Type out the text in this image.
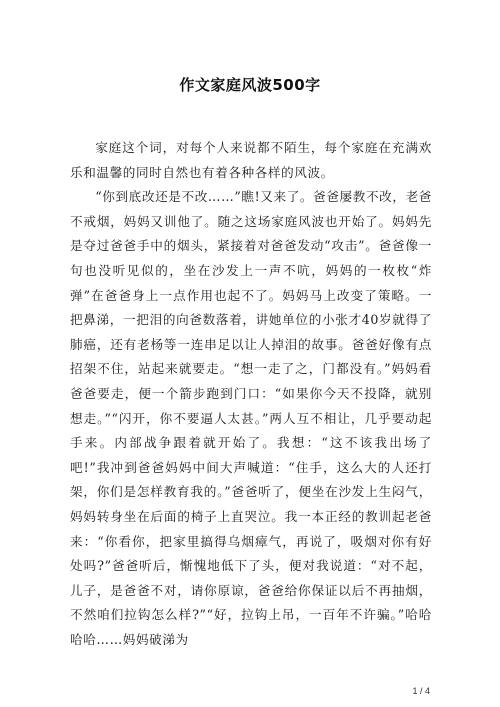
作文家庭风波500字

家庭这个词，对每个人来说都不陌生，每个家庭在充满欢乐和温馨的同时自然也有着各种各样的风波。

“你到底改还是不改……”瞧!又来了。爸爸屡教不改，老爸不戒烟，妈妈又训他了。随之这场家庭风波也开始了。妈妈先是夺过爸爸手中的烟头，紧接着对爸爸发动“攻击”。爸爸像一句也没听见似的，坐在沙发上一声不吭，妈妈的一枚枚“炸弹”在爸爸身上一点作用也起不了。妈妈马上改变了策略。一把鼻涕，一把泪的向爸数落着，讲她单位的小张才40岁就得了肺癌，还有老杨等一连串足以让人掉泪的故事。爸爸好像有点招架不住，站起来就要走。“想一走了之，门都没有。”妈妈看爸爸要走，便一个箭步跑到门口：“如果你今天不投降，就别想走。”“闪开，你不要逼人太甚。”两人互不相让，几乎要动起手来。内部战争跟着就开始了。我想：“这不该我出场了吧!”我冲到爸爸妈妈中间大声喊道：“住手，这么大的人还打架，你们是怎样教育我的。”爸爸听了，便坐在沙发上生闷气，妈妈转身坐在后面的椅子上直哭泣。我一本正经的教训起老爸来：“你看你，把家里搞得乌烟瘴气，再说了，吸烟对你有好处吗?”爸爸听后，惭愧地低下了头，便对我说道：“对不起，儿子，是爸爸不对，请你原谅，爸爸给你保证以后不再抽烟，不然咱们拉钩怎么样?”“好，拉钩上吊，一百年不许骗。”哈哈哈哈……妈妈破涕为

1 / 4
